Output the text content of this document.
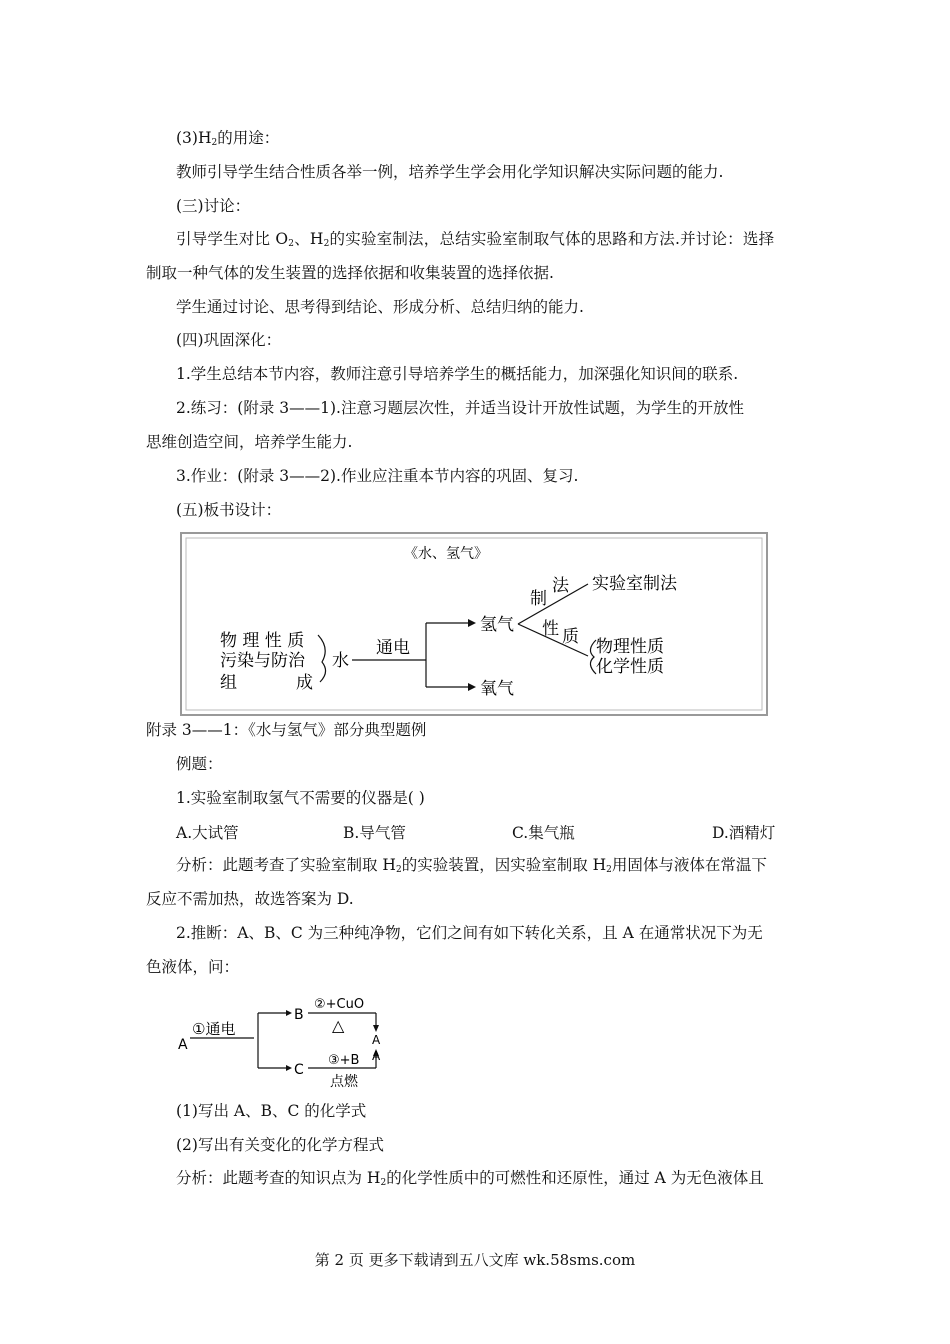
$(3)H_2$的用途：
教师引导学生结合性质各举一例，培养学生学会用化学知识解决实际问题的能力.
(三)讨论：
引导学生对比 $O_2$、$H_2$的实验室制法，总结实验室制取气体的思路和方法.并讨论：选择
制取一种气体的发生装置的选择依据和收集装置的选择依据.
学生通过讨论、思考得到结论、形成分析、总结归纳的能力.
(四)巩固深化：
1.学生总结本节内容，教师注意引导培养学生的概括能力，加深强化知识间的联系.
2.练习：(附录 3——1).注意习题层次性，并适当设计开放性试题，为学生的开放性
思维创造空间，培养学生能力.
3.作业：(附录 3——2).作业应注重本节内容的巩固、复习.
(五)板书设计：
《水、氢气》
物 理 性 质
污染与防治
组	成
水
通电
氢气
氧气
制
法 实验室制法
性 质 物理性质
化学性质
附录 3——1：《水与氢气》部分典型题例
例题：
1.实验室制取氢气不需要的仪器是( )
A.大试管	B.导气管	C.集气瓶	D.酒精灯
分析：此题考查了实验室制取 $H_2$的实验装置，因实验室制取 $H_2$用固体与液体在常温下
反应不需加热，故选答案为 D.
2.推断：A、B、C 为三种纯净物，它们之间有如下转化关系，且 A 在通常状况下为无
色液体，问：
A
①通电
B
C
②+CuO
△
A
③+B
点燃
A
(1)写出 A、B、C 的化学式
(2)写出有关变化的化学方程式
分析：此题考查的知识点为 $H_2$的化学性质中的可燃性和还原性，通过 A 为无色液体且
第 2 页 更多下载请到五八文库 wk.58sms.com
